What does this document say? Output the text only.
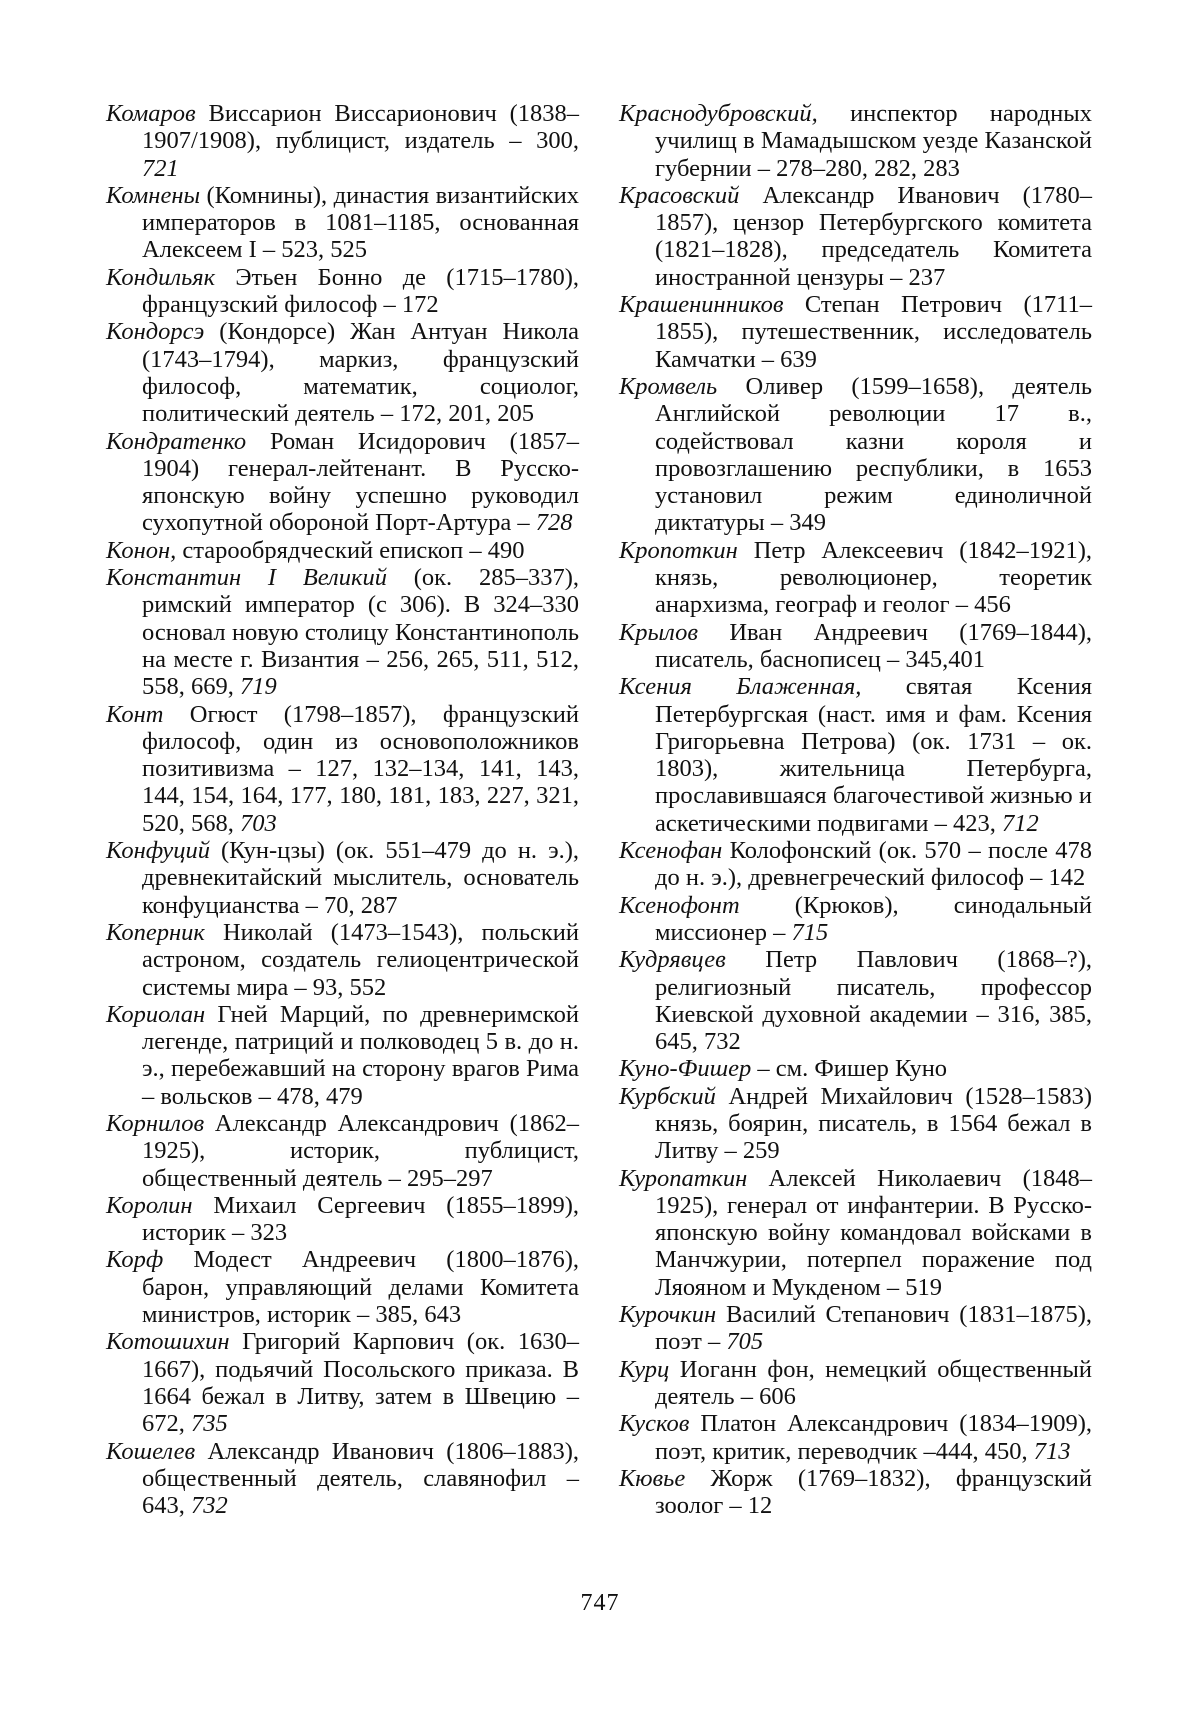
Комаров Виссарион Виссарионович (1838–1907/1908), публицист, издатель – 300, 721

Комнены (Комнины), династия византийских императоров в 1081–1185, основанная Алексеем I – 523, 525

Кондильяк Этьен Бонно де (1715–1780), французский философ – 172

Кондорсэ (Кондорсе) Жан Антуан Никола (1743–1794), маркиз, французский философ, математик, социолог, политический деятель – 172, 201, 205

Кондратенко Роман Исидорович (1857–1904) генерал-лейтенант. В Русско-японскую войну успешно руководил сухопутной обороной Порт-Артура – 728

Конон, старообрядческий епископ – 490

Константин I Великий (ок. 285–337), римский император (с 306). В 324–330 основал новую столицу Константинополь на месте г. Византия – 256, 265, 511, 512, 558, 669, 719

Конт Огюст (1798–1857), французский философ, один из основоположников позитивизма – 127, 132–134, 141, 143, 144, 154, 164, 177, 180, 181, 183, 227, 321, 520, 568, 703

Конфуций (Кун-цзы) (ок. 551–479 до н. э.), древнекитайский мыслитель, основатель конфуцианства – 70, 287

Коперник Николай (1473–1543), польский астроном, создатель гелиоцентрической системы мира – 93, 552

Кориолан Гней Марций, по древнеримской легенде, патриций и полководец 5 в. до н. э., перебежавший на сторону врагов Рима – вольсков – 478, 479

Корнилов Александр Александрович (1862–1925), историк, публицист, общественный деятель – 295–297

Королин Михаил Сергеевич (1855–1899), историк – 323

Корф Модест Андреевич (1800–1876), барон, управляющий делами Комитета министров, историк – 385, 643

Котошихин Григорий Карпович (ок. 1630–1667), подьячий Посольского приказа. В 1664 бежал в Литву, затем в Швецию – 672, 735

Кошелев Александр Иванович (1806–1883), общественный деятель, славянофил – 643, 732

Краснодубровский, инспектор народных училищ в Мамадышском уезде Казанской губернии – 278–280, 282, 283

Красовский Александр Иванович (1780–1857), цензор Петербургского комитета (1821–1828), председатель Комитета иностранной цензуры – 237

Крашенинников Степан Петрович (1711–1855), путешественник, исследователь Камчатки – 639

Кромвель Оливер (1599–1658), деятель Английской революции 17 в., содействовал казни короля и провозглашению республики, в 1653 установил режим единоличной диктатуры – 349

Кропоткин Петр Алексеевич (1842–1921), князь, революционер, теоретик анархизма, географ и геолог – 456

Крылов Иван Андреевич (1769–1844), писатель, баснописец – 345,401

Ксения Блаженная, святая Ксения Петербургская (наст. имя и фам. Ксения Григорьевна Петрова) (ок. 1731 – ок. 1803), жительница Петербурга, прославившаяся благочестивой жизнью и аскетическими подвигами – 423, 712

Ксенофан Колофонский (ок. 570 – после 478 до н. э.), древнегреческий философ – 142

Ксенофонт (Крюков), синодальный миссионер – 715

Кудрявцев Петр Павлович (1868–?), религиозный писатель, профессор Киевской духовной академии – 316, 385, 645, 732

Куно-Фишер – см. Фишер Куно

Курбский Андрей Михайлович (1528–1583) князь, боярин, писатель, в 1564 бежал в Литву – 259

Куропаткин Алексей Николаевич (1848–1925), генерал от инфантерии. В Русско-японскую войну командовал войсками в Манчжурии, потерпел поражение под Ляояном и Мукденом – 519

Курочкин Василий Степанович (1831–1875), поэт – 705

Курц Иоганн фон, немецкий общественный деятель – 606

Кусков Платон Александрович (1834–1909), поэт, критик, переводчик –444, 450, 713

Кювье Жорж (1769–1832), французский зоолог – 12

747
